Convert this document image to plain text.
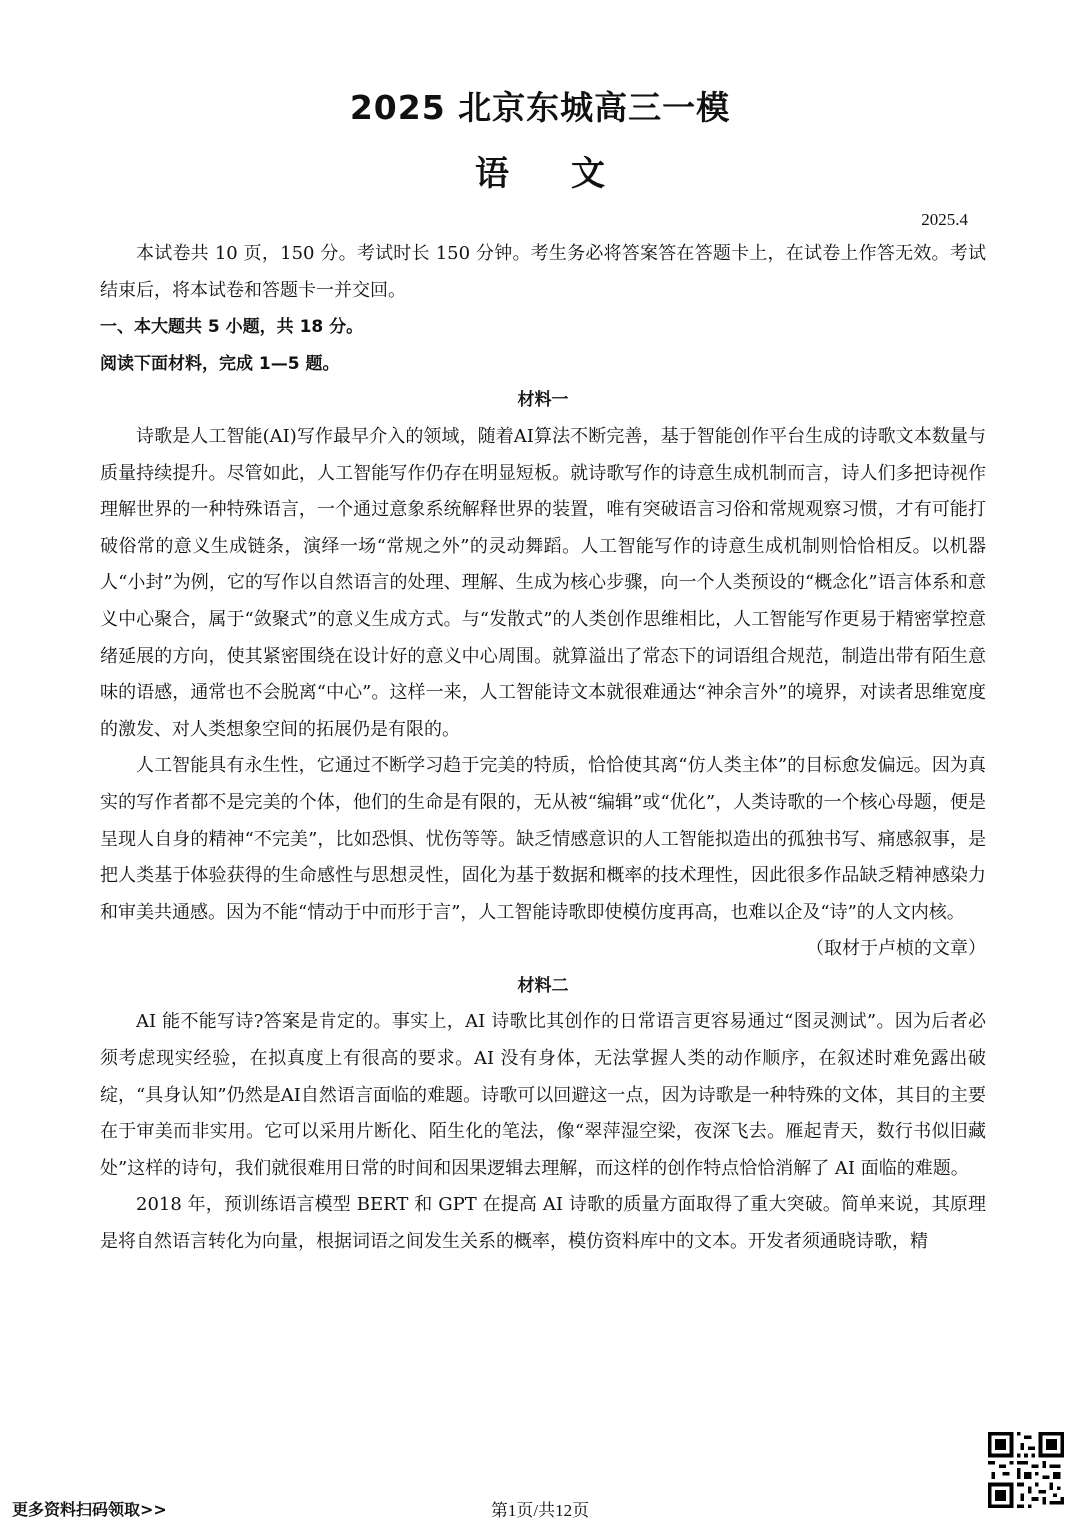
2025 北京东城高三一模
语文
2025.4

本试卷共 10 页，150 分。考试时长 150 分钟。考生务必将答案答在答题卡上，在试卷上作答无效。考试结束后，将本试卷和答题卡一并交回。

一、本大题共 5 小题，共 18 分。

阅读下面材料，完成 1—5 题。

材料一

诗歌是人工智能(AI)写作最早介入的领域，随着AI算法不断完善，基于智能创作平台生成的诗歌文本数量与质量持续提升。尽管如此，人工智能写作仍存在明显短板。就诗歌写作的诗意生成机制而言，诗人们多把诗视作理解世界的一种特殊语言，一个通过意象系统解释世界的装置，唯有突破语言习俗和常规观察习惯，才有可能打破俗常的意义生成链条，演绎一场“常规之外”的灵动舞蹈。人工智能写作的诗意生成机制则恰恰相反。以机器人“小封”为例，它的写作以自然语言的处理、理解、生成为核心步骤，向一个人类预设的“概念化”语言体系和意义中心聚合，属于“敛聚式”的意义生成方式。与“发散式”的人类创作思维相比，人工智能写作更易于精密掌控意绪延展的方向，使其紧密围绕在设计好的意义中心周围。就算溢出了常态下的词语组合规范，制造出带有陌生意味的语感，通常也不会脱离“中心”。这样一来，人工智能诗文本就很难通达“神余言外”的境界，对读者思维宽度的激发、对人类想象空间的拓展仍是有限的。

人工智能具有永生性，它通过不断学习趋于完美的特质，恰恰使其离“仿人类主体”的目标愈发偏远。因为真实的写作者都不是完美的个体，他们的生命是有限的，无从被“编辑”或“优化”，人类诗歌的一个核心母题，便是呈现人自身的精神“不完美”，比如恐惧、忧伤等等。缺乏情感意识的人工智能拟造出的孤独书写、痛感叙事，是把人类基于体验获得的生命感性与思想灵性，固化为基于数据和概率的技术理性，因此很多作品缺乏精神感染力和审美共通感。因为不能“情动于中而形于言”，人工智能诗歌即使模仿度再高，也难以企及“诗”的人文内核。

（取材于卢桢的文章）

材料二

AI 能不能写诗?答案是肯定的。事实上，AI 诗歌比其创作的日常语言更容易通过“图灵测试”。因为后者必须考虑现实经验，在拟真度上有很高的要求。AI 没有身体，无法掌握人类的动作顺序，在叙述时难免露出破绽，“具身认知”仍然是AI自然语言面临的难题。诗歌可以回避这一点，因为诗歌是一种特殊的文体，其目的主要在于审美而非实用。它可以采用片断化、陌生化的笔法，像“翠萍湿空梁，夜深飞去。雁起青天，数行书似旧藏处”这样的诗句，我们就很难用日常的时间和因果逻辑去理解，而这样的创作特点恰恰消解了 AI 面临的难题。

2018 年，预训练语言模型 BERT 和 GPT 在提高 AI 诗歌的质量方面取得了重大突破。简单来说，其原理是将自然语言转化为向量，根据词语之间发生关系的概率，模仿资料库中的文本。开发者须通晓诗歌，精

更多资料扫码领取>>	第1页/共12页
